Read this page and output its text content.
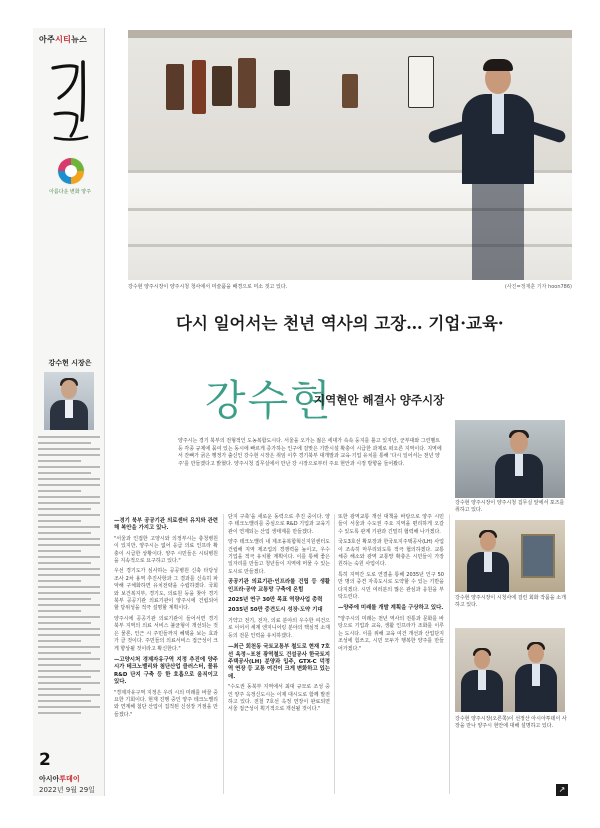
아주시티뉴스
아름다운 변화 양주
강수현 시장은
2
아시아투데이
2022년 9월 29일
강수현 양주시장이 양주시청 청사에서 미술품을 배경으로 미소 짓고 있다.	(사진=정재훈 기자 hoon786)
다시 일어서는 천년 역사의 고장… 기업·교육·
강수현
지역현안 해결사 양주시장
양주시는 경기 북부의 전형적인 도농복합도시다. 서울을 오가는 젊은 세대가 속속 둥지를 틀고 있지만, 군부대와 그린벨트 등 각종 규제에 묶여 있는 동시에 빠르게 증가하는 인구에 걸맞은 기반시설 확충이 시급한 과제로 떠오른 지역이다. 지역에서 잔뼈가 굵은 행정가 출신인 강수현 시장은 취임 이후 경기북부 대개발과 교육·기업 유치를 통해 '다시 일어서는 천년 양주'를 만들겠다고 밝혔다. 양주시청 집무실에서 만난 강 시장으로부터 주요 현안과 시정 방향을 들어봤다.
강수현 양주시장이 양주시청 집무실 앞에서 포즈를 취하고 있다.
강수현 양주시장이 시청사에 걸린 회화 작품을 소개하고 있다.
강수현 양주시장(오른쪽)이 선정산 아시아투데이 사장을 만나 양주시 현안에 대해 설명하고 있다.

—경기 북부 공공기관 의료센터 유치와 관련해 복안을 가지고 있나.

"서울과 인접한 고양시와 의정부시는 충청병원이 있지만, 양주시는 없어 응급 의료 인프라 확충이 시급한 상황이다. 양주 시민들은 시티병원을 지속적으로 요구하고 있다."

우선 경기도가 심사하는 공공병원 신축 타당성 조사 2차 용역 추진사항과 그 결과를 신속히 파악해 구체화하면 유치전략을 수립하겠다. 국회와 보건복지부, 경기도, 의료원 등을 찾아 경기 북부 공공기관 의료기관이 양주시에 건립되어 할 당위성을 적극 설명할 계획이다.

양주시에 공공기관 의료기관이 들어서면 경기 북부 지역의 의료 서비스 불균형이 개선되는 것은 물론, 인근 시 주민들까지 혜택을 보는 효과가 클 것이다. 주민들의 의료서비스 접근성이 크게 향상될 것이라고 확신한다."

—고양시처 경제자유구역 지정 추진에 양주시가 테크노밸리와 첨단산업 클러스터, 물류 R&D 단지 구축 등 한 호흡으로 움직이고 있다.

"경제자유구역 지정은 우리 시의 미래를 바꿀 중요한 기회이다. 현재 진행 중인 양주 테크노밸리와 연계해 첨단 산업이 집적된 신성장 거점을 만들겠다."

단지 구축'을 새로운 동력으로 추진 중이다. 양주 테크노밸리를 중심으로 R&D 기업과 교육기관이 연계되는 산업 생태계를 만들겠다.

양주 테크노밸리 내 제조융복합혁신지원센터도 건립해 지역 제조업의 경쟁력을 높이고, 우수 기업을 적극 유치할 계획이다. 이를 통해 좋은 일자리를 만들고 청년들이 지역에 머물 수 있는 도시로 만들겠다.

공공기관 의료기관·인프라를 건립 등 생활 인프라·공약 교통망 구축에 온힘

2025년 연구 30만 목표 역량사업 총력

2035년 50만 중견도시 성장·도약 기대

기약고 전기, 전자, 의료 분야의 우수한 여건으로 이어서 세계 엔지니어링 분야의 핵심적 소재 등의 전문 인력을 유치하겠다.

—최근 회천동 국토교통부 철도로 현재 7호선 옥정~포천 광역철도 건설공사 한국토지주택공사(LH) 분양과 입주, GTX-C 덕정역 연장 등 교통 여건이 크게 변화하고 있는데.

"수도권 동북부 지역에서 최대 규모로 조성 중인 양주 옥정신도시는 이제 대시도로 함께 발전하고 있다. 전철 7호선 옥정 연장이 완료되면 서울 접근성이 획기적으로 개선될 것이다."

또한 광역교통 개선 대책을 바탕으로 양주 시민들이 서울과 수도권 주요 지역을 편리하게 오갈 수 있도록 관계 기관과 긴밀히 협력해 나가겠다.

국도3호선 확포장과 한국토지주택공사(LH) 사업이 조속히 마무리되도록 적극 협의하겠다. 교통 체증 해소와 광역 교통망 확충은 시민들이 가장 원하는 숙원 사업이다.

특히 지역간 도로 연결을 통해 2035년 인구 50만 명의 중견 자족도시로 도약할 수 있는 기반을 다지겠다. 시민 여러분의 많은 관심과 응원을 부탁드린다.

—양주에 미래를 개발 계획을 구상하고 있다.

"양주시의 미래는 천년 역사의 전통과 문화를 바탕으로 기업과 교육, 생활 인프라가 조화를 이루는 도시다. 이를 위해 교육 여건 개선과 산업단지 조성에 힘쓰고, 시민 모두가 행복한 양주를 만들어가겠다."

↗
